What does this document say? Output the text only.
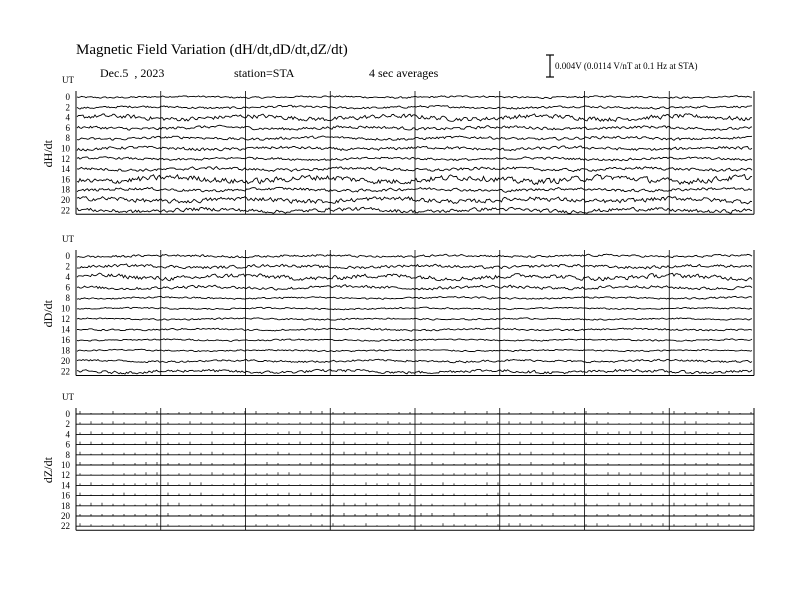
Magnetic Field Variation (dH/dt,dD/dt,dZ/dt)
Dec.5  , 2023	station=STA	4 sec averages	0.004V (0.0114 V/nT at 0.1 Hz at STA)
UT
dH/dt
0
2
4
6
8
10
12
14
16
18
20
22
UT
dD/dt
0
2
4
6
8
10
12
14
16
18
20
22
UT
dZ/dt
0
2
4
6
8
10
12
14
16
18
20
22
